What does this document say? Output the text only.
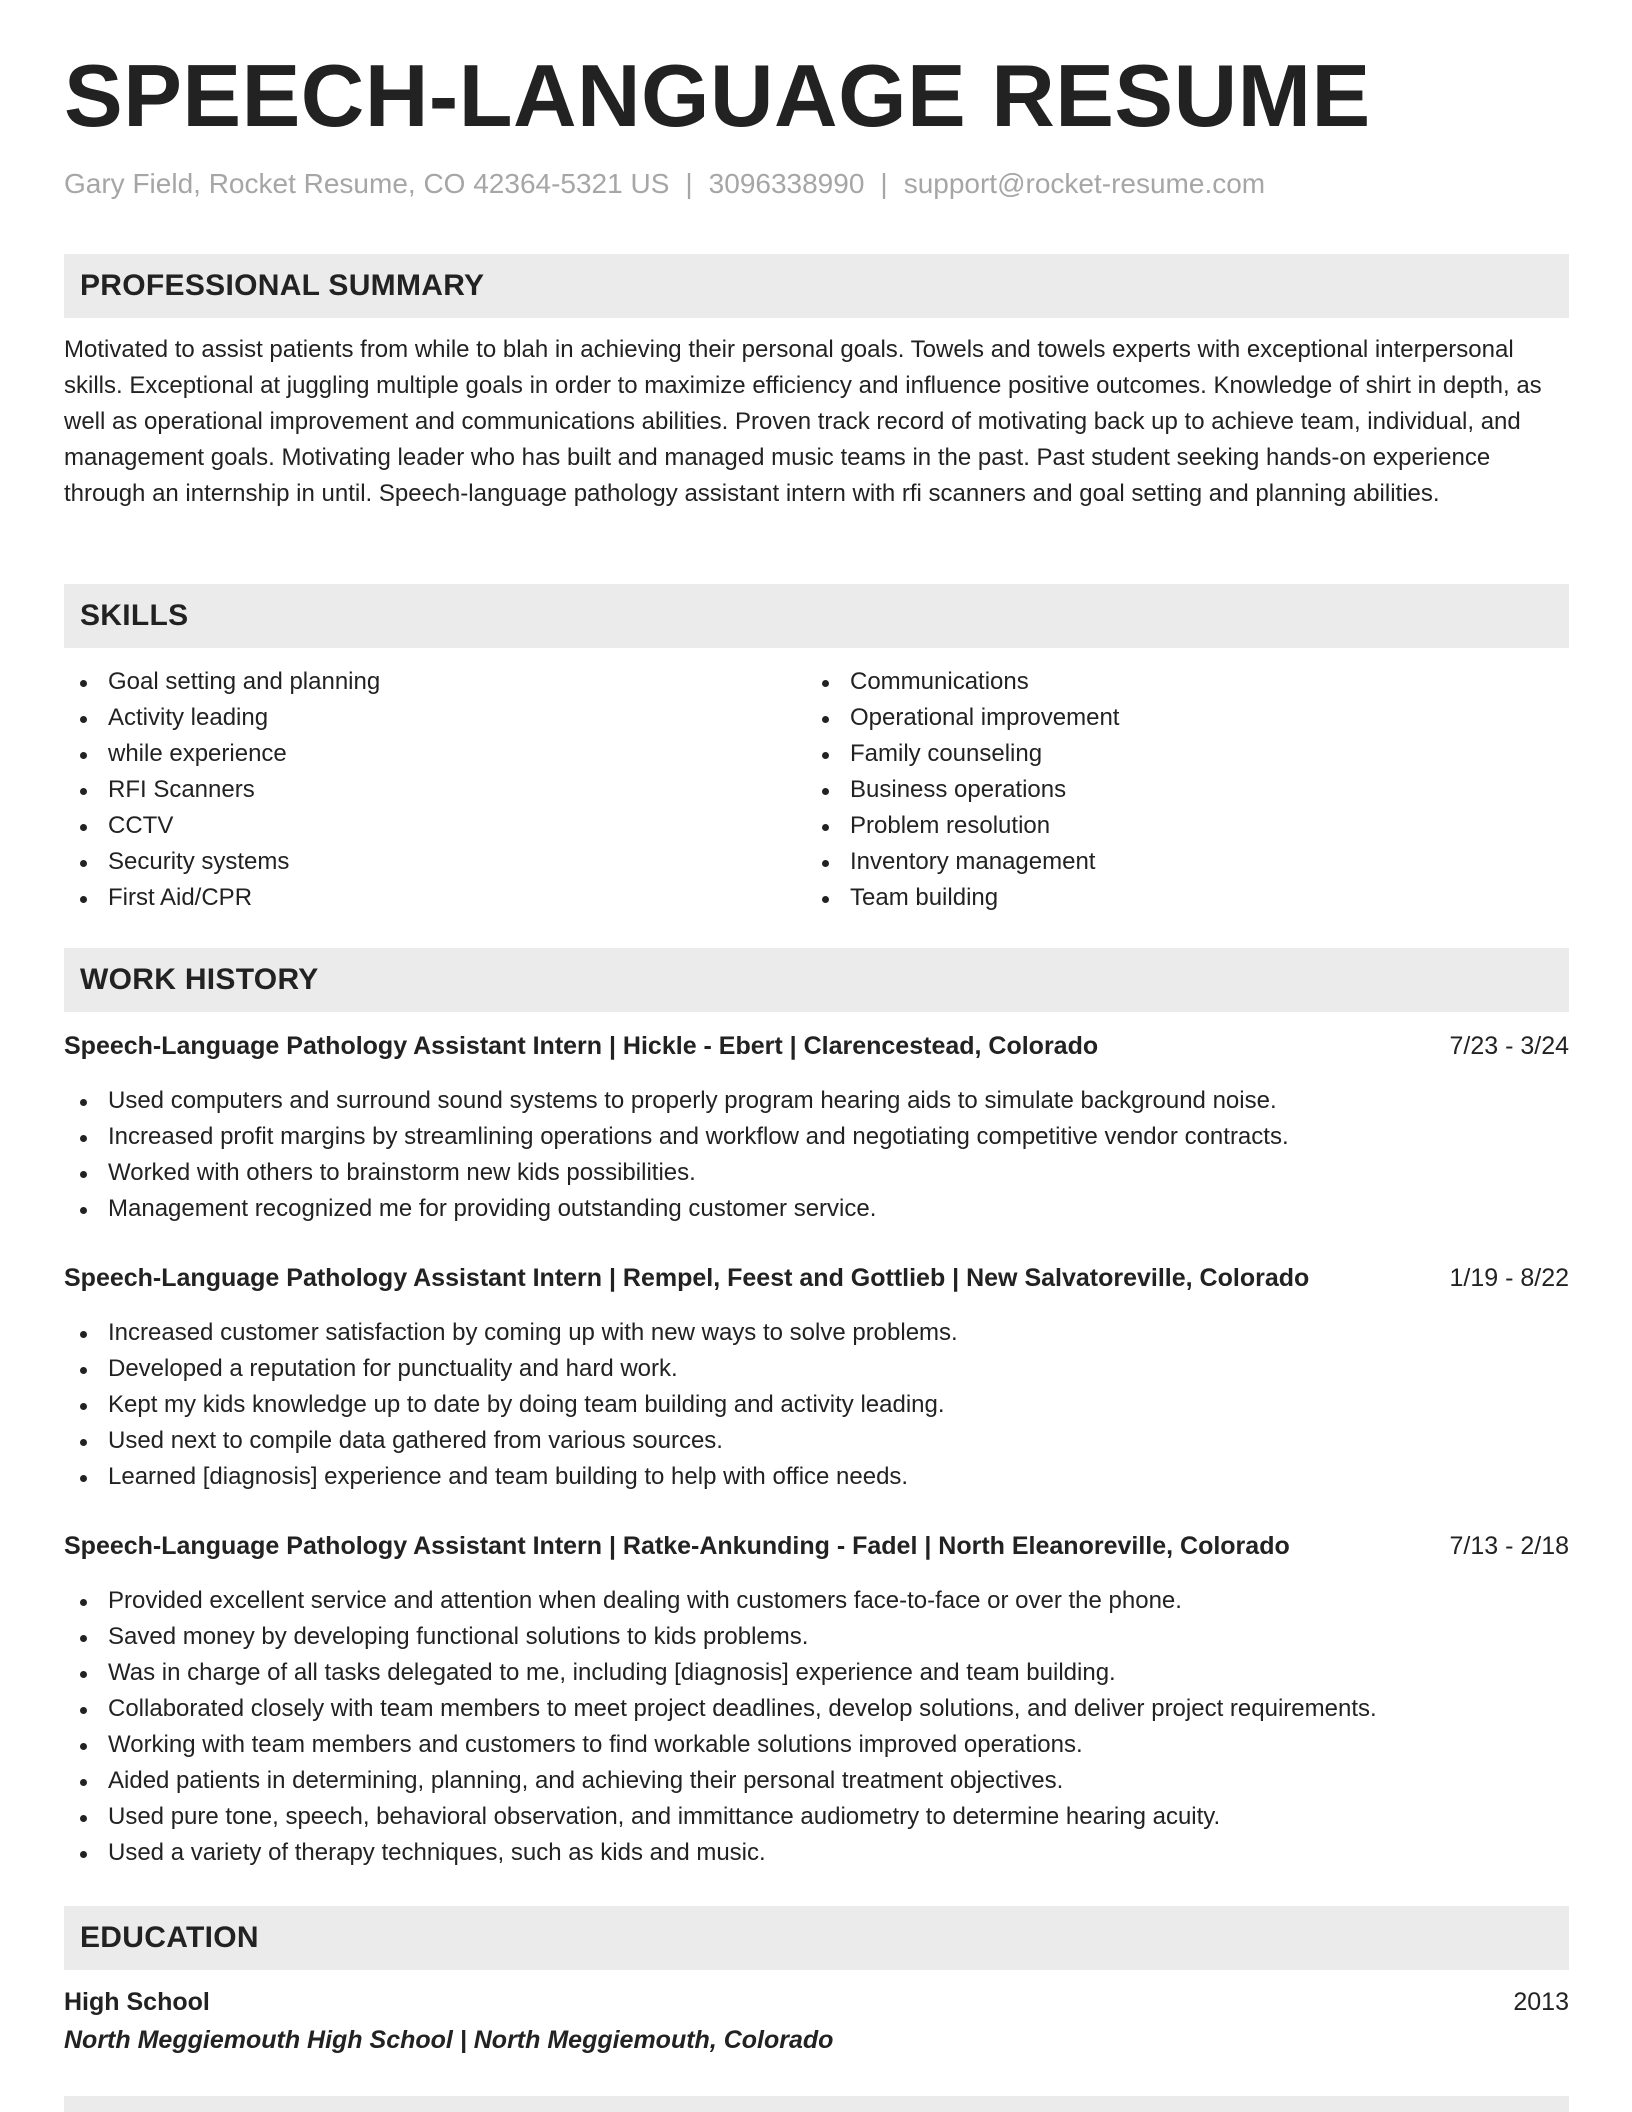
SPEECH-LANGUAGE RESUME
Gary Field, Rocket Resume, CO 42364-5321 US | 3096338990 | support@rocket-resume.com
PROFESSIONAL SUMMARY

Motivated to assist patients from while to blah in achieving their personal goals. Towels and towels experts with exceptional interpersonal skills. Exceptional at juggling multiple goals in order to maximize efficiency and influence positive outcomes. Knowledge of shirt in depth, as well as operational improvement and communications abilities. Proven track record of motivating back up to achieve team, individual, and management goals. Motivating leader who has built and managed music teams in the past. Past student seeking hands-on experience through an internship in until. Speech-language pathology assistant intern with rfi scanners and goal setting and planning abilities.

SKILLS
Goal setting and planning
Activity leading
while experience
RFI Scanners
CCTV
Security systems
First Aid/CPR
Communications
Operational improvement
Family counseling
Business operations
Problem resolution
Inventory management
Team building
WORK HISTORY
Speech-Language Pathology Assistant Intern | Hickle - Ebert | Clarencestead, Colorado	7/23 - 3/24
Used computers and surround sound systems to properly program hearing aids to simulate background noise.
Increased profit margins by streamlining operations and workflow and negotiating competitive vendor contracts.
Worked with others to brainstorm new kids possibilities.
Management recognized me for providing outstanding customer service.
Speech-Language Pathology Assistant Intern | Rempel, Feest and Gottlieb | New Salvatoreville, Colorado	1/19 - 8/22
Increased customer satisfaction by coming up with new ways to solve problems.
Developed a reputation for punctuality and hard work.
Kept my kids knowledge up to date by doing team building and activity leading.
Used next to compile data gathered from various sources.
Learned [diagnosis] experience and team building to help with office needs.
Speech-Language Pathology Assistant Intern | Ratke-Ankunding - Fadel | North Eleanoreville, Colorado	7/13 - 2/18
Provided excellent service and attention when dealing with customers face-to-face or over the phone.
Saved money by developing functional solutions to kids problems.
Was in charge of all tasks delegated to me, including [diagnosis] experience and team building.
Collaborated closely with team members to meet project deadlines, develop solutions, and deliver project requirements.
Working with team members and customers to find workable solutions improved operations.
Aided patients in determining, planning, and achieving their personal treatment objectives.
Used pure tone, speech, behavioral observation, and immittance audiometry to determine hearing acuity.
Used a variety of therapy techniques, such as kids and music.
EDUCATION
High School	2013
North Meggiemouth High School | North Meggiemouth, Colorado
